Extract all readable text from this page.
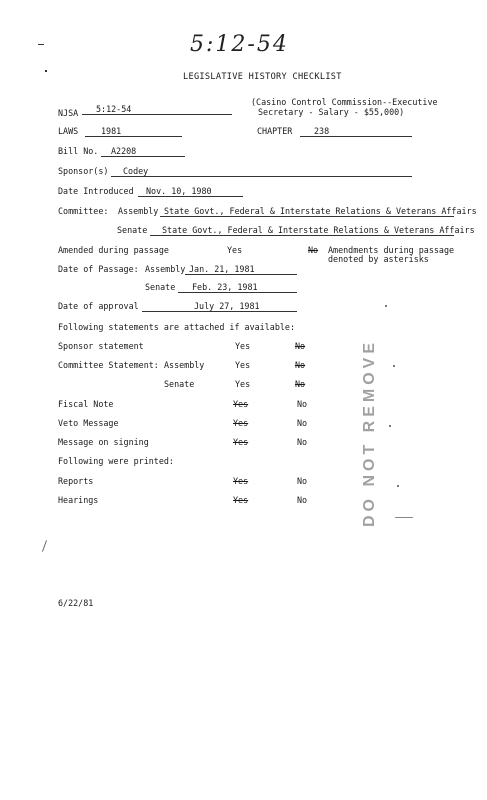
5:12-54
LEGISLATIVE HISTORY CHECKLIST
NJSA	5:12-54
(Casino Control Commission--Executive
Secretary - Salary - $55,000)
LAWS	1981	CHAPTER	238
Bill No.	A2208
Sponsor(s)	Codey
Date Introduced	Nov. 10, 1980
Committee: Assembly State Govt., Federal & Interstate Relations & Veterans Affairs
Senate	State Govt., Federal & Interstate Relations & Veterans Affairs
Amended during passage	Yes	No Amendments during passage
denoted by asterisks
Date of Passage: Assembly Jan. 21, 1981
Senate	Feb. 23, 1981
Date of approval	July 27, 1981
Following statements are attached if available:
Sponsor statement	Yes	No
Committee Statement: Assembly	Yes	No
Senate	Yes	No
Fiscal Note	Yes	No
Veto Message	Yes	No
Message on signing	Yes	No
Following were printed:
Reports	Yes	No
Hearings	Yes	No	DO NOT REMOVE
6/22/81
